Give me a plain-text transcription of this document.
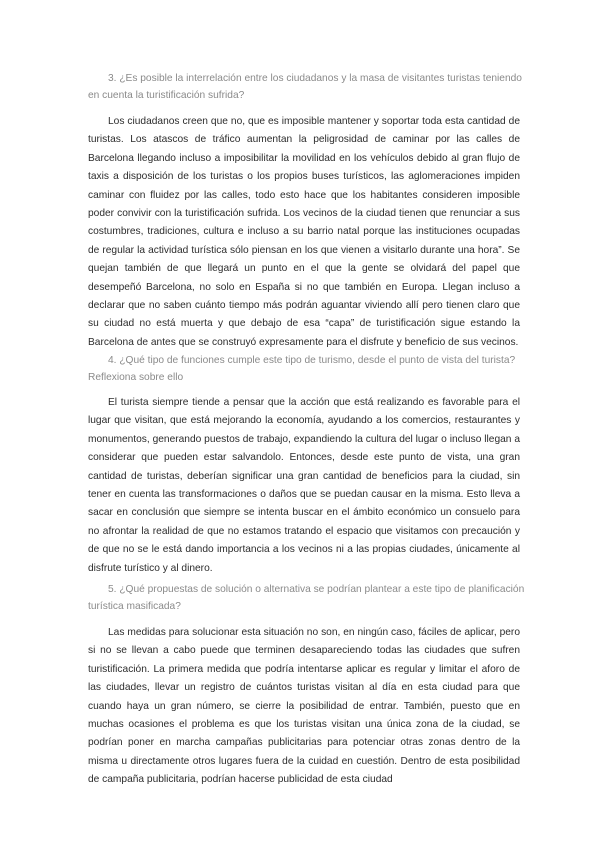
3. ¿Es posible la interrelación entre los ciudadanos y la masa de visitantes turistas teniendo en cuenta la turistificación sufrida?

Los ciudadanos creen que no, que es imposible mantener y soportar toda esta cantidad de turistas. Los atascos de tráfico aumentan la peligrosidad de caminar por las calles de Barcelona llegando incluso a imposibilitar la movilidad en los vehículos debido al gran flujo de taxis a disposición de los turistas o los propios buses turísticos, las aglomeraciones impiden caminar con fluidez por las calles, todo esto hace que los habitantes consideren imposible poder convivir con la turistificación sufrida. Los vecinos de la ciudad tienen que renunciar a sus costumbres, tradiciones, cultura e incluso a su barrio natal porque las instituciones ocupadas de regular la actividad turística sólo piensan en los que vienen a visitarlo durante una hora”. Se quejan también de que llegará un punto en el que la gente se olvidará del papel que desempeñó Barcelona, no solo en España si no que también en Europa. Llegan incluso a declarar que no saben cuánto tiempo más podrán aguantar viviendo allí pero tienen claro que su ciudad no está muerta y que debajo de esa “capa” de turistificación sigue estando la Barcelona de antes que se construyó expresamente para el disfrute y beneficio de sus vecinos.

4. ¿Qué tipo de funciones cumple este tipo de turismo, desde el punto de vista del turista? Reflexiona sobre ello

El turista siempre tiende a pensar que la acción que está realizando es favorable para el lugar que visitan, que está mejorando la economía, ayudando a los comercios, restaurantes y monumentos, generando puestos de trabajo, expandiendo la cultura del lugar o incluso llegan a considerar que pueden estar salvandolo. Entonces, desde este punto de vista, una gran cantidad de turistas, deberían significar una gran cantidad de beneficios para la ciudad, sin tener en cuenta las transformaciones o daños que se puedan causar en la misma. Esto lleva a sacar en conclusión que siempre se intenta buscar en el ámbito económico un consuelo para no afrontar la realidad de que no estamos tratando el espacio que visitamos con precaución y de que no se le está dando importancia a los vecinos ni a las propias ciudades, únicamente al disfrute turístico y al dinero.

5. ¿Qué propuestas de solución o alternativa se podrían plantear a este tipo de planificación turística masificada?

Las medidas para solucionar esta situación no son, en ningún caso, fáciles de aplicar, pero si no se llevan a cabo puede que terminen desapareciendo todas las ciudades que sufren turistificación. La primera medida que podría intentarse aplicar es regular y limitar el aforo de las ciudades, llevar un registro de cuántos turistas visitan al día en esta ciudad para que cuando haya un gran número, se cierre la posibilidad de entrar. También, puesto que en muchas ocasiones el problema es que los turistas visitan una única zona de la ciudad, se podrían poner en marcha campañas publicitarias para potenciar otras zonas dentro de la misma u directamente otros lugares fuera de la cuidad en cuestión. Dentro de esta posibilidad de campaña publicitaria, podrían hacerse publicidad de esta ciudad
